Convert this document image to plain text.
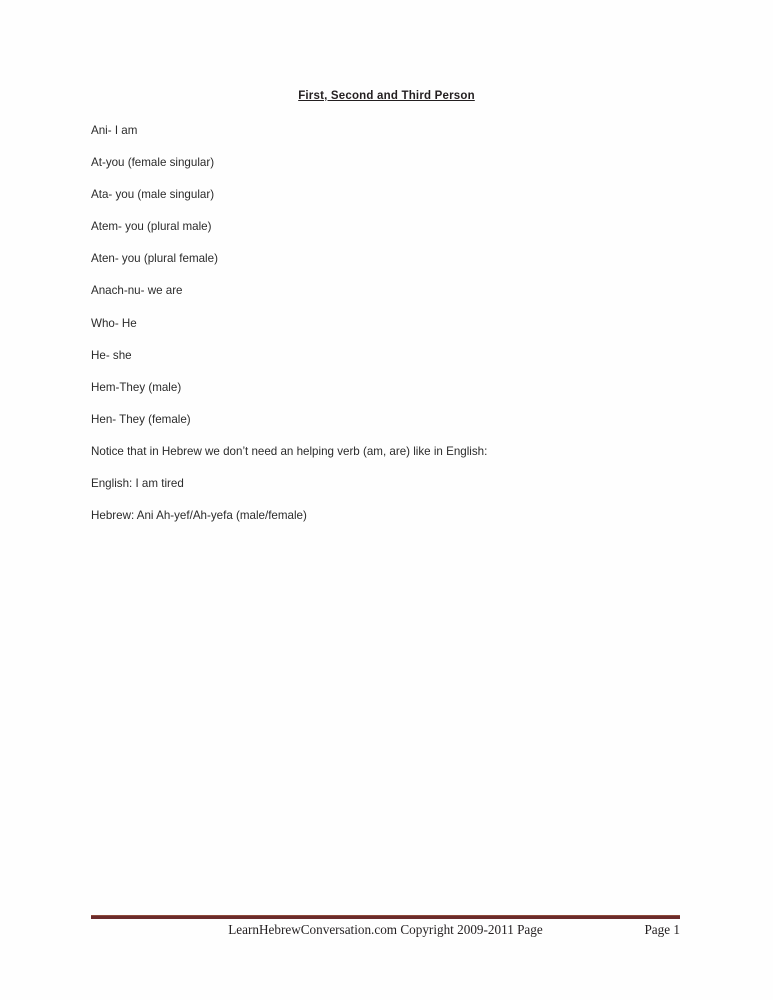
First, Second and Third Person

Ani- I am

At-you (female singular)

Ata- you (male singular)

Atem- you (plural male)

Aten- you (plural female)

Anach-nu- we are

Who- He

He- she

Hem-They (male)

Hen- They (female)

Notice that in Hebrew we don’t need an helping verb (am, are) like in English:

English: I am tired

Hebrew: Ani Ah-yef/Ah-yefa (male/female)

LearnHebrewConversation.com Copyright 2009-2011 Page	Page 1
